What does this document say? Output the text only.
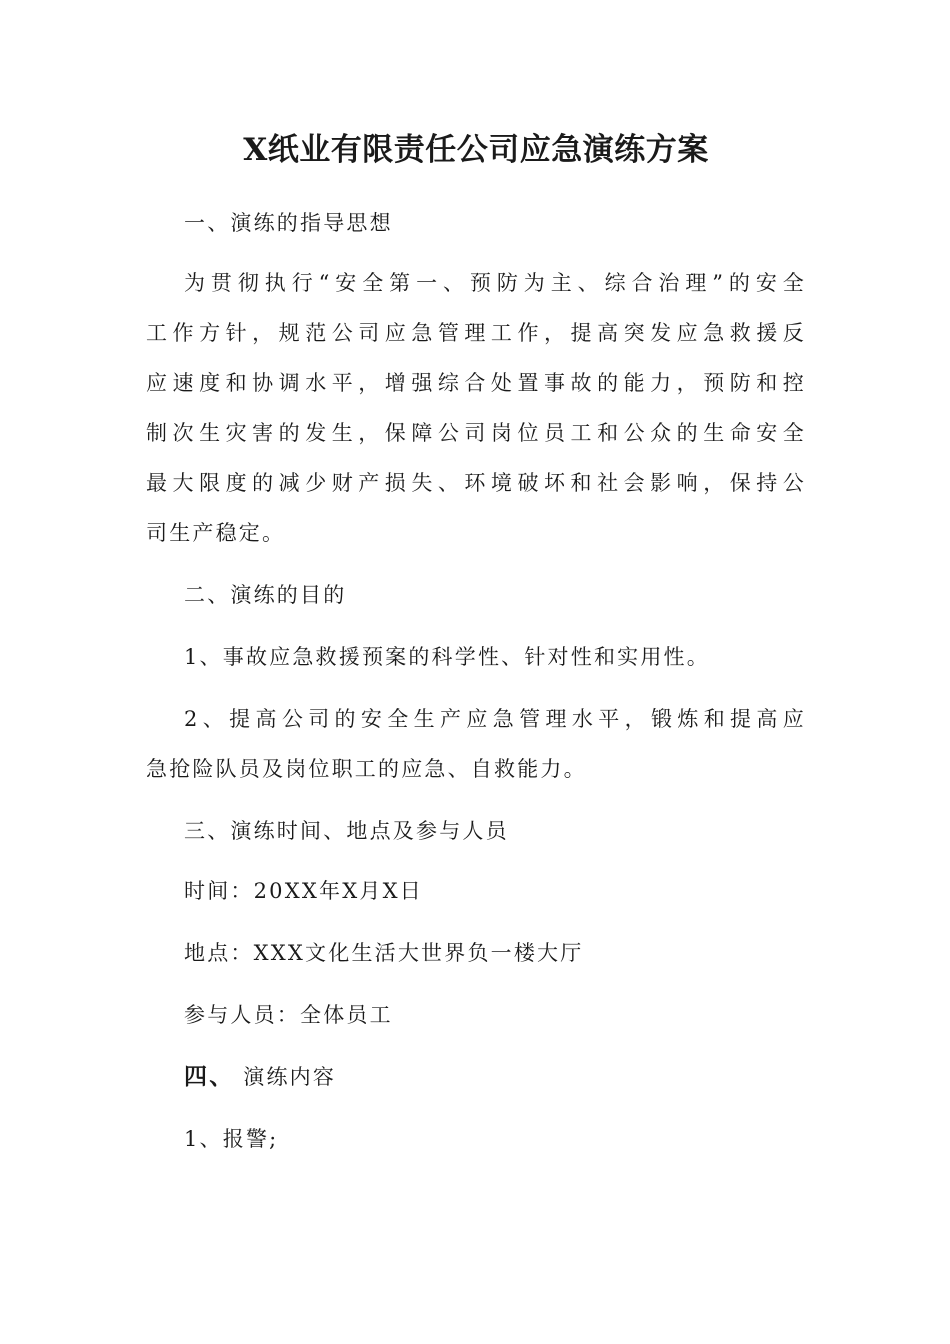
X纸业有限责任公司应急演练方案
一、演练的指导思想
为贯彻执行“安全第一、预防为主、综合治理”的安全
工作方针，规范公司应急管理工作，提高突发应急救援反
应速度和协调水平，增强综合处置事故的能力，预防和控
制次生灾害的发生，保障公司岗位员工和公众的生命安全
最大限度的减少财产损失、环境破坏和社会影响，保持公
司生产稳定。
二、演练的目的
1、事故应急救援预案的科学性、针对性和实用性。
2、提高公司的安全生产应急管理水平，锻炼和提高应
急抢险队员及岗位职工的应急、自救能力。
三、演练时间、地点及参与人员
时间：20XX年X月X日
地点：XXX文化生活大世界负一楼大厅
参与人员：全体员工
四、 演练内容
1、报警;
